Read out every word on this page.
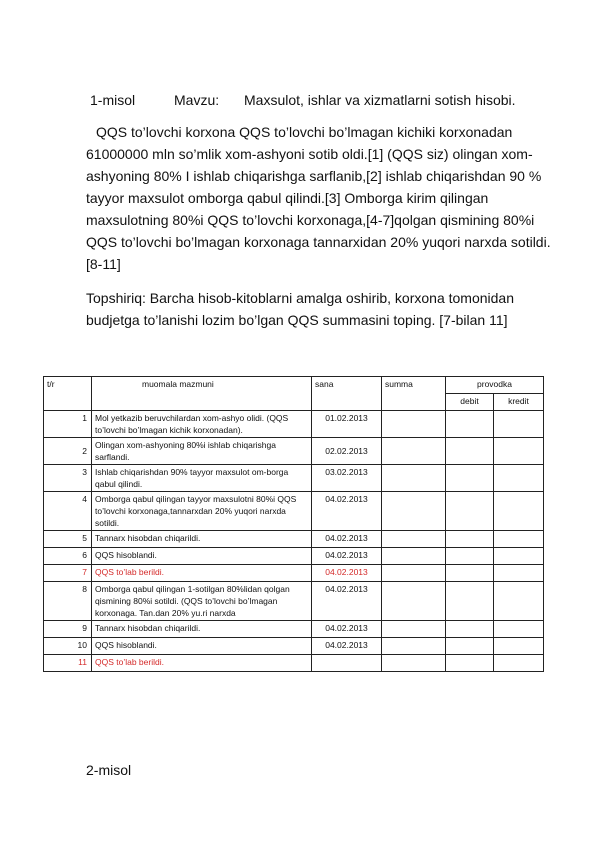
1-misol	Mavzu: Maxsulot, ishlar va xizmatlarni sotish hisobi.
QQS to’lovchi korxona QQS to’lovchi bo’lmagan kichiki korxonadan 61000000 mln so’mlik xom-ashyoni sotib oldi.[1] (QQS siz) olingan xom-ashyoning 80% I ishlab chiqarishga sarflanib,[2] ishlab chiqarishdan 90 % tayyor maxsulot omborga qabul qilindi.[3] Omborga kirim qilingan maxsulotning 80%i QQS to’lovchi korxonaga,[4-7]qolgan qismining 80%i QQS to’lovchi bo’lmagan korxonaga tannarxidan 20% yuqori narxda sotildi.[8-11]
Topshiriq: Barcha hisob-kitoblarni amalga oshirib, korxona tomonidan budjetga to’lanishi lozim bo’lgan QQS summasini toping. [7-bilan 11]
t/r	muomala mazmuni	sana	summa	provodka	
				debit	kredit
1	Mol yetkazib beruvchilardan xom-ashyo olidi. (QQS to’lovchi bo’lmagan kichik korxonadan).	01.02.2013			
2	Olingan xom-ashyoning 80%i ishlab chiqarishga sarflandi.	02.02.2013			
3	Ishlab chiqarishdan 90% tayyor maxsulot om-borga qabul qilindi.	03.02.2013			
4	Omborga qabul qilingan tayyor maxsulotni 80%i QQS to’lovchi korxonaga,tannarxdan 20% yuqori narxda sotildi.	04.02.2013			
5	Tannarx hisobdan chiqarildi.	04.02.2013			
6	QQS hisoblandi.	04.02.2013			
7	QQS to’lab berildi.	04.02.2013			
8	Omborga qabul qilingan 1-sotilgan 80%lidan qolgan qismining 80%i sotildi. (QQS to’lovchi bo’lmagan korxonaga. Tan.dan 20% yu.ri narxda	04.02.2013			
9	Tannarx hisobdan chiqarildi.	04.02.2013			
10	QQS hisoblandi.	04.02.2013			
11	QQS to’lab berildi.				
2-misol
